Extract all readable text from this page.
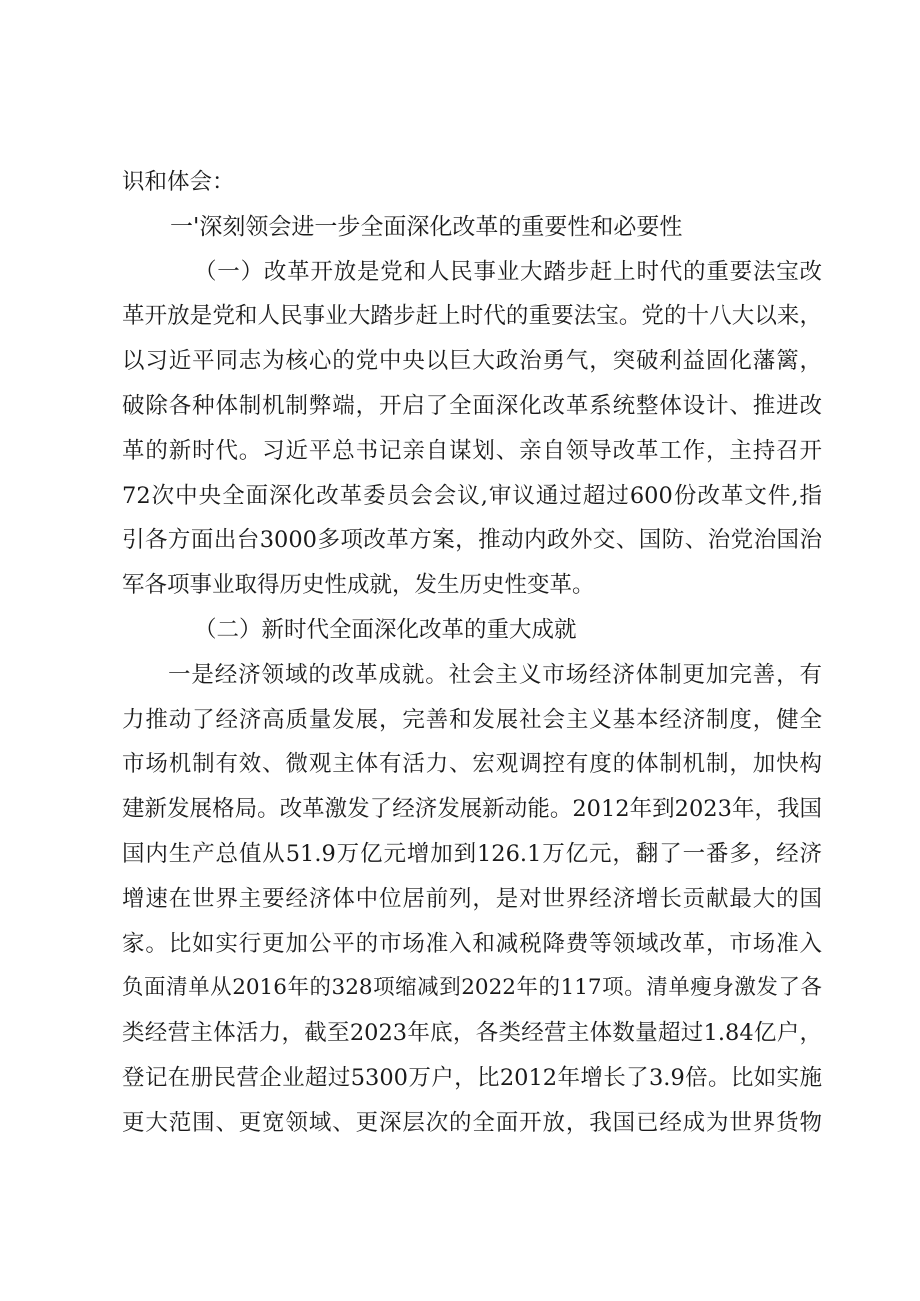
识和体会：
一'深刻领会进一步全面深化改革的重要性和必要性
（一）改革开放是党和人民事业大踏步赶上时代的重要法宝改
革开放是党和人民事业大踏步赶上时代的重要法宝。党的十八大以来，
以习近平同志为核心的党中央以巨大政治勇气，突破利益固化藩篱，
破除各种体制机制弊端，开启了全面深化改革系统整体设计、推进改
革的新时代。习近平总书记亲自谋划、亲自领导改革工作，主持召开
72次中央全面深化改革委员会会议,审议通过超过600份改革文件,指
引各方面出台3000多项改革方案，推动内政外交、国防、治党治国治
军各项事业取得历史性成就，发生历史性变革。
（二）新时代全面深化改革的重大成就
一是经济领域的改革成就。社会主义市场经济体制更加完善，有
力推动了经济高质量发展，完善和发展社会主义基本经济制度，健全
市场机制有效、微观主体有活力、宏观调控有度的体制机制，加快构
建新发展格局。改革激发了经济发展新动能。2012年到2023年，我国
国内生产总值从51.9万亿元增加到126.1万亿元，翻了一番多，经济
增速在世界主要经济体中位居前列，是对世界经济增长贡献最大的国
家。比如实行更加公平的市场准入和减税降费等领域改革，市场准入
负面清单从2016年的328项缩减到2022年的117项。清单瘦身激发了各
类经营主体活力，截至2023年底，各类经营主体数量超过1.84亿户，
登记在册民营企业超过5300万户，比2012年增长了3.9倍。比如实施
更大范围、更宽领域、更深层次的全面开放，我国已经成为世界货物
